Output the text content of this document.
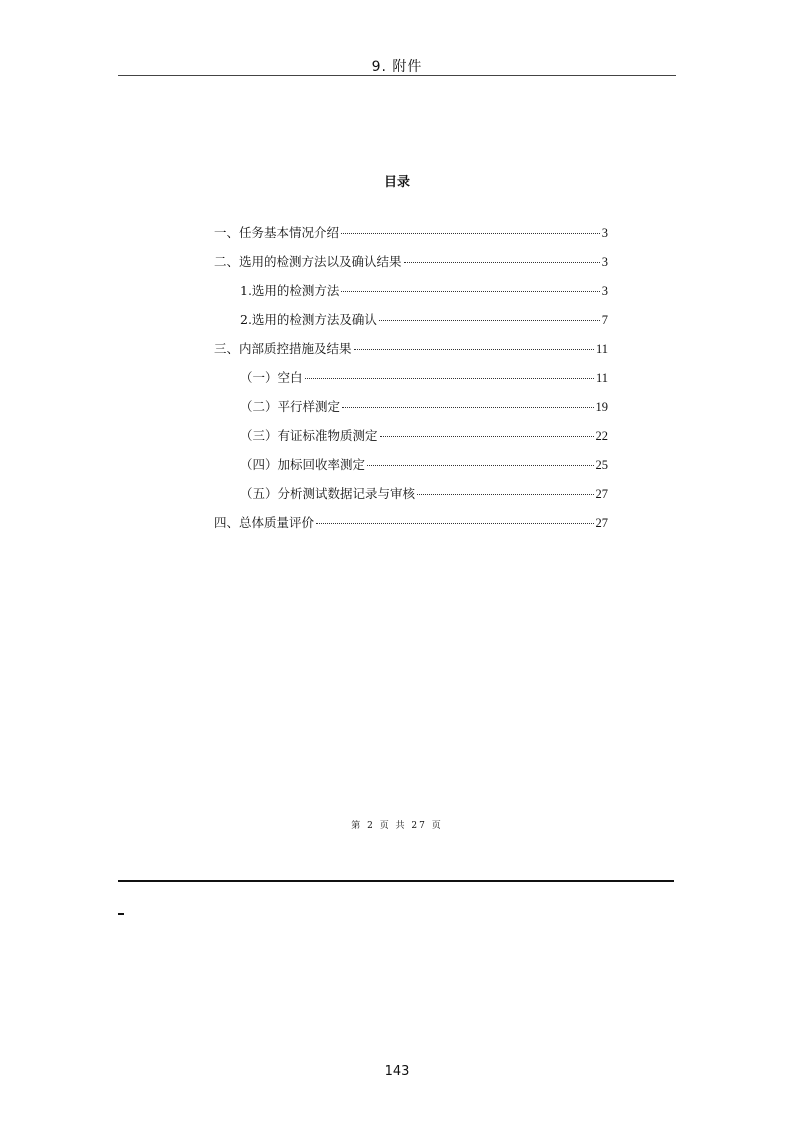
9. 附件
目录
一、任务基本情况介绍	3
二、选用的检测方法以及确认结果	3
1.选用的检测方法	3
2.选用的检测方法及确认	7
三、内部质控措施及结果	11
（一）空白	11
（二）平行样测定	19
（三）有证标准物质测定	22
（四）加标回收率测定	25
（五）分析测试数据记录与审核	27
四、总体质量评价	27
第 2 页 共 27 页
143
